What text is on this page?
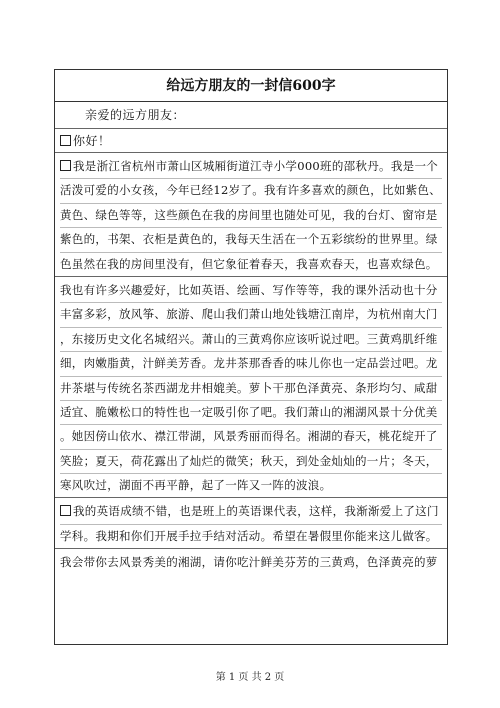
给远方朋友的一封信600字
亲爱的远方朋友：
你好！
我是浙江省杭州市萧山区城厢街道江寺小学000班的邵秋丹。我是一个
活泼可爱的小女孩，今年已经12岁了。我有许多喜欢的颜色，比如紫色、
黄色、绿色等等，这些颜色在我的房间里也随处可见，我的台灯、窗帘是
紫色的，书架、衣柜是黄色的，我每天生活在一个五彩缤纷的世界里。绿
色虽然在我的房间里没有，但它象征着春天，我喜欢春天，也喜欢绿色。
我也有许多兴趣爱好，比如英语、绘画、写作等等，我的课外活动也十分
丰富多彩，放风筝、旅游、爬山我们萧山地处钱塘江南岸，为杭州南大门
，东接历史文化名城绍兴。萧山的三黄鸡你应该听说过吧。三黄鸡肌纤维
细，肉嫩脂黄，汁鲜美芳香。龙井茶那香香的味儿你也一定品尝过吧。龙
井茶堪与传统名茶西湖龙井相媲美。萝卜干那色泽黄亮、条形均匀、咸甜
适宜、脆嫩松口的特性也一定吸引你了吧。我们萧山的湘湖风景十分优美
。她因傍山依水、襟江带湖，风景秀丽而得名。湘湖的春天，桃花绽开了
笑脸；夏天，荷花露出了灿烂的微笑；秋天，到处金灿灿的一片；冬天，
寒风吹过，湖面不再平静，起了一阵又一阵的波浪。
我的英语成绩不错，也是班上的英语课代表，这样，我渐渐爱上了这门
学科。我期和你们开展手拉手结对活动。希望在暑假里你能来这儿做客。
我会带你去风景秀美的湘湖，请你吃汁鲜美芬芳的三黄鸡，色泽黄亮的萝
第 1 页 共 2 页
